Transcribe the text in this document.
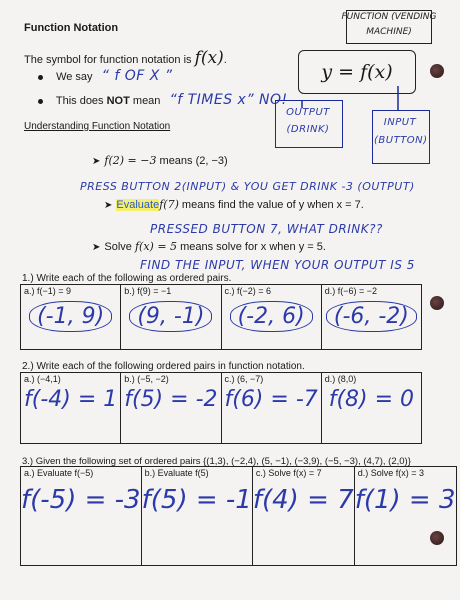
Function Notation
The symbol for function notation is f(x).
We say “ f OF X ”
This does NOT mean “f TIMES x” NO!
FUNCTION (VENDING MACHINE)
y = f(x)
OUTPUT (DRINK)
INPUT (BUTTON)
Understanding Function Notation
➤ f(2) = −3 means (2, −3)
PRESS BUTTON 2(INPUT) & YOU GET DRINK -3 (OUTPUT)
➤ Evaluatef(7) means find the value of y when x = 7.
PRESSED BUTTON 7, WHAT DRINK??
➤ Solve f(x) = 5 means solve for x when y = 5.
FIND THE INPUT, WHEN YOUR OUTPUT IS 5
1.) Write each of the following as ordered pairs.
a.) f(−1) = 9
(-1, 9)

b.) f(9) = −1
(9, -1)

c.) f(−2) = 6
(-2, 6)

d.) f(−6) = −2
(-6, -2)
2.) Write each of the following ordered pairs in function notation.
a.) (−4,1)
f(-4) = 1

b.) (−5, −2)
f(5) = -2

c.) (6, −7)
f(6) = -7

d.) (8,0)
f(8) = 0
3.) Given the following set of ordered pairs {(1,3), (−2,4), (5, −1), (−3,9), (−5, −3), (4,7), (2,0)}
a.) Evaluate f(−5)
f(-5) = -3

b.) Evaluate f(5)
f(5) = -1

c.) Solve f(x) = 7
f(4) = 7

d.) Solve f(x) = 3
f(1) = 3
